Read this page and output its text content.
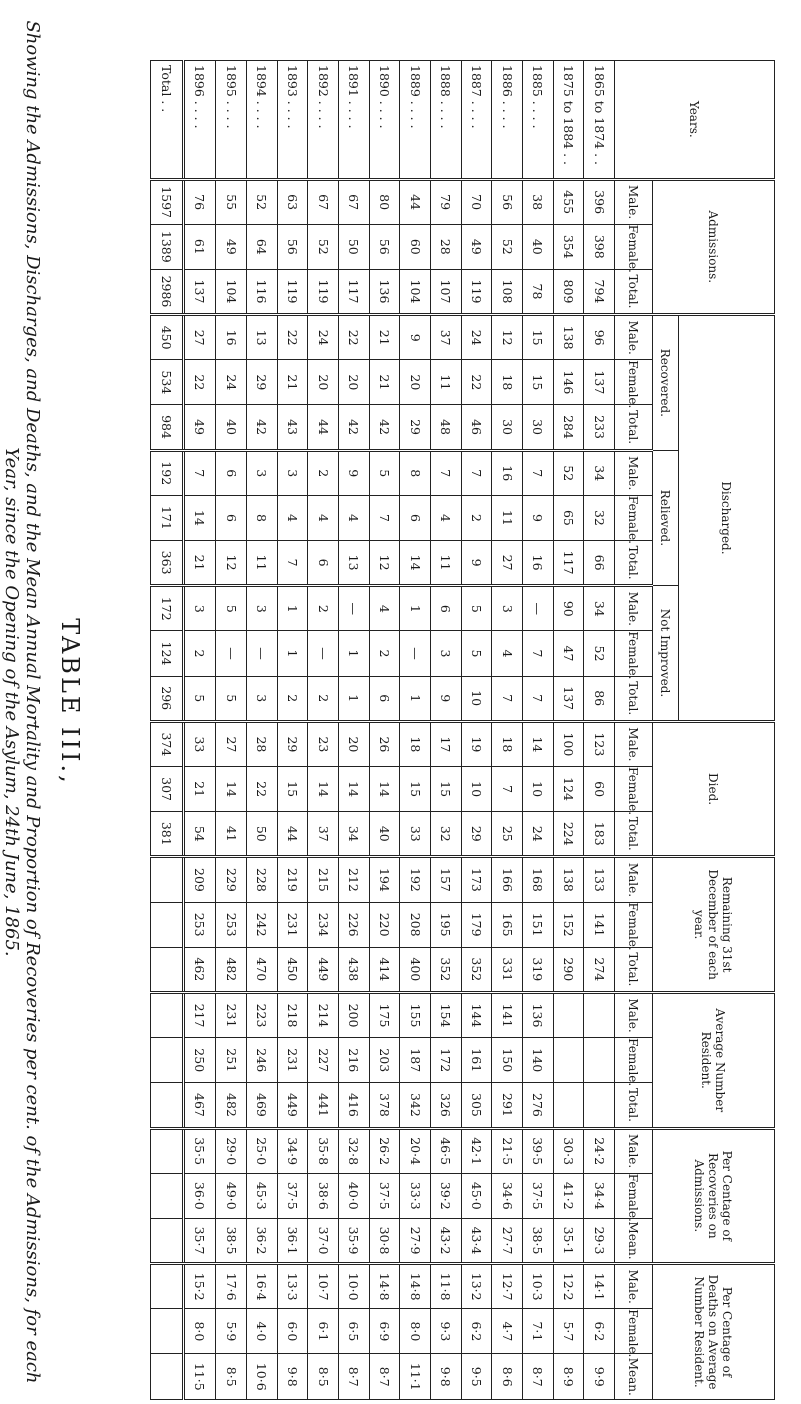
TABLE III.,
Showing the Admissions, Discharges, and Deaths, and the Mean Annual Mortality and Proportion of Recoveries per cent. of the Admissions, for each Year, since the Opening of the Asylum, 24th June, 1865.
Years.	Admissions.			Discharged.									Died.			Remaining 31st December of each year.			Average Number Resident.			Per Centage of Recoveries on Admissions.			Per Centage of Deaths on Average Number Resident.		
				Recovered.			Relieved.			Not Improved.																	
	Male.	Female.	Total.	Male.	Female.	Total.	Male.	Female.	Total.	Male.	Female.	Total.	Male.	Female.	Total.	Male.	Female.	Total.	Male.	Female.	Total.	Male.	Female.	Mean.	Male.	Female.	Mean.
1865 to 1874 . .	396	398	794	96	137	233	34	32	66	34	52	86	123	60	183	133	141	274				24·2	34·4	29·3	14·1	6·2	9·9
1875 to 1884 . .	455	354	809	138	146	284	52	65	117	90	47	137	100	124	224	138	152	290				30·3	41·2	35·1	12·2	5·7	8·9
1885 . . . .	38	40	78	15	15	30	7	9	16	—	7	7	14	10	24	168	151	319	136	140	276	39·5	37·5	38·5	10·3	7·1	8·7
1886 . . . .	56	52	108	12	18	30	16	11	27	3	4	7	18	7	25	166	165	331	141	150	291	21·5	34·6	27·7	12·7	4·7	8·6
1887 . . . .	70	49	119	24	22	46	7	2	9	5	5	10	19	10	29	173	179	352	144	161	305	42·1	45·0	43·4	13·2	6·2	9·5
1888 . . . .	79	28	107	37	11	48	7	4	11	6	3	9	17	15	32	157	195	352	154	172	326	46·5	39·2	43·2	11·8	9·3	9·8
1889 . . . .	44	60	104	9	20	29	8	6	14	1	—	1	18	15	33	192	208	400	155	187	342	20·4	33·3	27·9	14·8	8·0	11·1
1890 . . . .	80	56	136	21	21	42	5	7	12	4	2	6	26	14	40	194	220	414	175	203	378	26·2	37·5	30·8	14·8	6·9	8·7
1891 . . . .	67	50	117	22	20	42	9	4	13	—	1	1	20	14	34	212	226	438	200	216	416	32·8	40·0	35·9	10·0	6·5	8·7
1892 . . . .	67	52	119	24	20	44	2	4	6	2	—	2	23	14	37	215	234	449	214	227	441	35·8	38·6	37·0	10·7	6·1	8·5
1893 . . . .	63	56	119	22	21	43	3	4	7	1	1	2	29	15	44	219	231	450	218	231	449	34·9	37·5	36·1	13·3	6·0	9·8
1894 . . . .	52	64	116	13	29	42	3	8	11	3	—	3	28	22	50	228	242	470	223	246	469	25·0	45·3	36·2	16·4	4·0	10·6
1895 . . . .	55	49	104	16	24	40	6	6	12	5	—	5	27	14	41	229	253	482	231	251	482	29·0	49·0	38·5	17·6	5·9	8·5
1896 . . . .	76	61	137	27	22	49	7	14	21	3	2	5	33	21	54	209	253	462	217	250	467	35·5	36·0	35·7	15·2	8·0	11·5
Total . .	1597	1389	2986	450	534	984	192	171	363	172	124	296	374	307	381												
